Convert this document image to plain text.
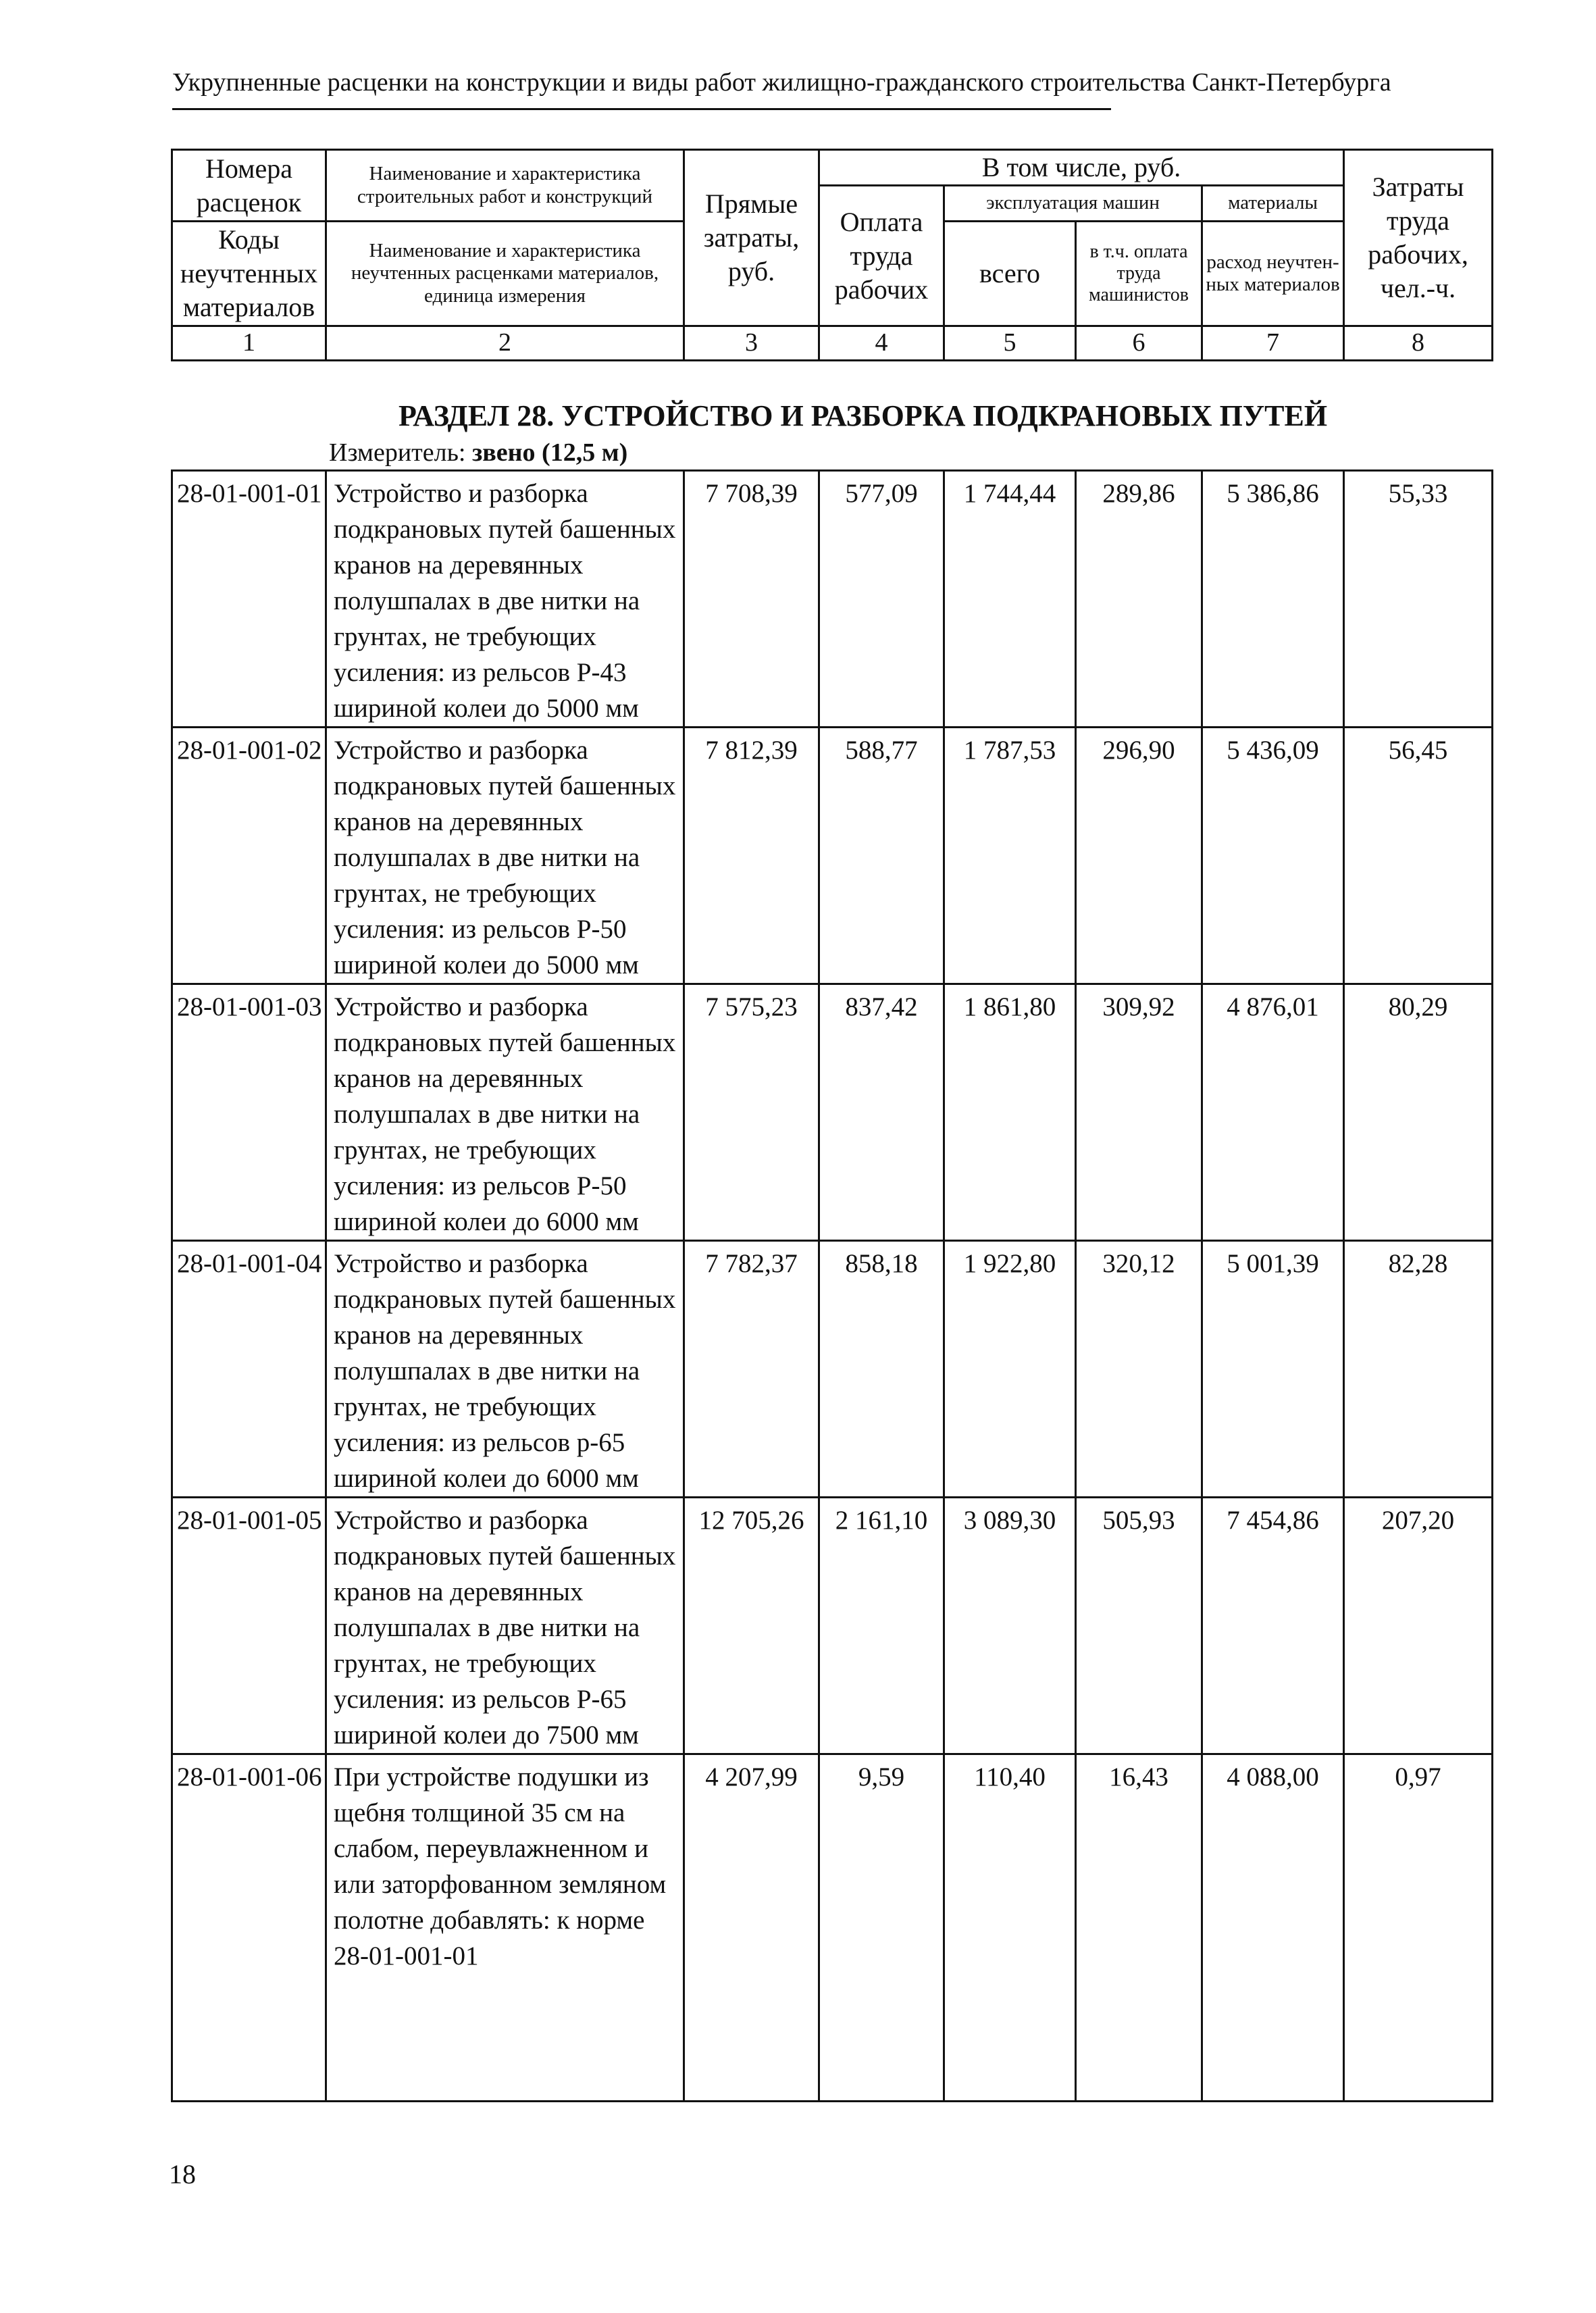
Укрупненные расценки на конструкции и виды работ жилищно-гражданского строительства Санкт-Петербурга
Номера расценок	Наименование и характеристика строительных работ и конструкций	Прямые затраты, руб.	В том числе, руб.				Затраты труда рабочих, чел.-ч.
			Оплата труда рабочих	эксплуатация машин		материалы	
Коды неучтенных материалов	Наименование и характеристика неучтенных расценками материалов, единица измерения			всего	в т.ч. оплата труда машинистов	расход неучтен-ных материалов	

1	2	3	4	5	6	7	8
РАЗДЕЛ 28. УСТРОЙСТВО И РАЗБОРКА ПОДКРАНОВЫХ ПУТЕЙ
Измеритель: звено (12,5 м)
28-01-001-01	Устройство и разборка подкрановых путей башенных кранов на деревянных полушпалах в две нитки на грунтах, не требующих усиления: из рельсов Р-43 шириной колеи до 5000 мм	7 708,39	577,09	1 744,44	289,86	5 386,86	55,33
28-01-001-02	Устройство и разборка подкрановых путей башенных кранов на деревянных полушпалах в две нитки на грунтах, не требующих усиления: из рельсов Р-50 шириной колеи до 5000 мм	7 812,39	588,77	1 787,53	296,90	5 436,09	56,45
28-01-001-03	Устройство и разборка подкрановых путей башенных кранов на деревянных полушпалах в две нитки на грунтах, не требующих усиления: из рельсов Р-50 шириной колеи до 6000 мм	7 575,23	837,42	1 861,80	309,92	4 876,01	80,29
28-01-001-04	Устройство и разборка подкрановых путей башенных кранов на деревянных полушпалах в две нитки на грунтах, не требующих усиления: из рельсов р-65 шириной колеи до 6000 мм	7 782,37	858,18	1 922,80	320,12	5 001,39	82,28
28-01-001-05	Устройство и разборка подкрановых путей башенных кранов на деревянных полушпалах в две нитки на грунтах, не требующих усиления: из рельсов Р-65 шириной колеи до 7500 мм	12 705,26	2 161,10	3 089,30	505,93	7 454,86	207,20
28-01-001-06	При устройстве подушки из щебня толщиной 35 см на слабом, переувлажненном и или заторфованном земляном полотне добавлять: к норме 28-01-001-01	4 207,99	9,59	110,40	16,43	4 088,00	0,97
18
